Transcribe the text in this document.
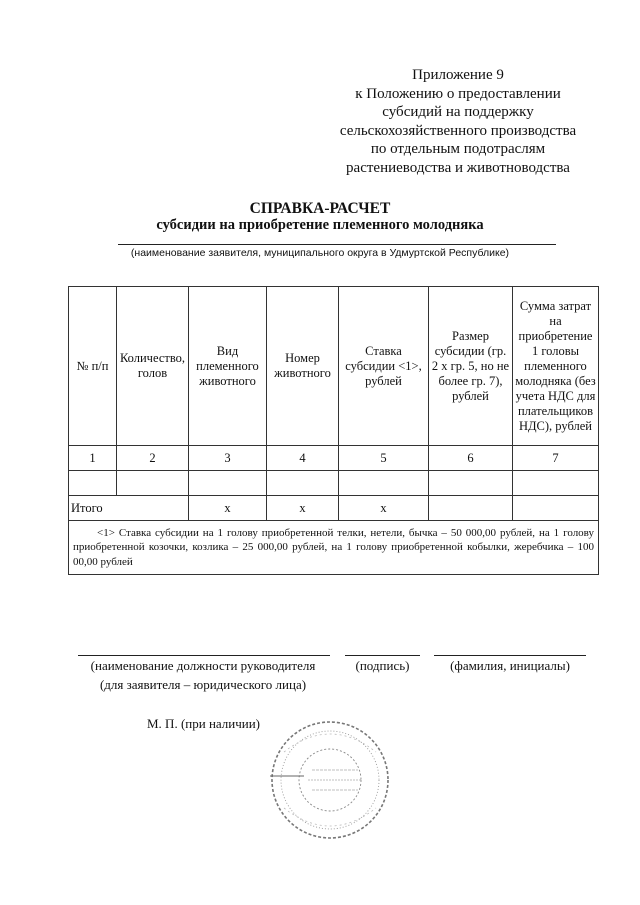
Приложение 9
к Положению о предоставлении
субсидий на поддержку
сельскохозяйственного производства
по отдельным подотраслям
растениеводства и животноводства
СПРАВКА-РАСЧЕТ
субсидии на приобретение племенного молодняка
(наименование заявителя, муниципального округа в Удмуртской Республике)
№ п/п	Количество, голов	Вид племенного животного	Номер животного	Ставка субсидии <1>, рублей	Размер субсидии (гр. 2 х гр. 5, но не более гр. 7), рублей	Сумма затрат на приобретение 1 головы племенного молодняка (без учета НДС для плательщиков НДС), рублей
1	2	3	4	5	6	7

Итого		x	x	x		

<1> Ставка субсидии на 1 голову приобретенной телки, нетели, бычка – 50 000,00 рублей, на 1 голову приобретенной козочки, козлика – 25 000,00 рублей, на 1 голову приобретенной кобылки, жеребчика – 100 00,00 рублей						
(наименование должности руководителя
(для заявителя – юридического лица)
(подпись)	(фамилия, инициалы)
М. П. (при наличии)
